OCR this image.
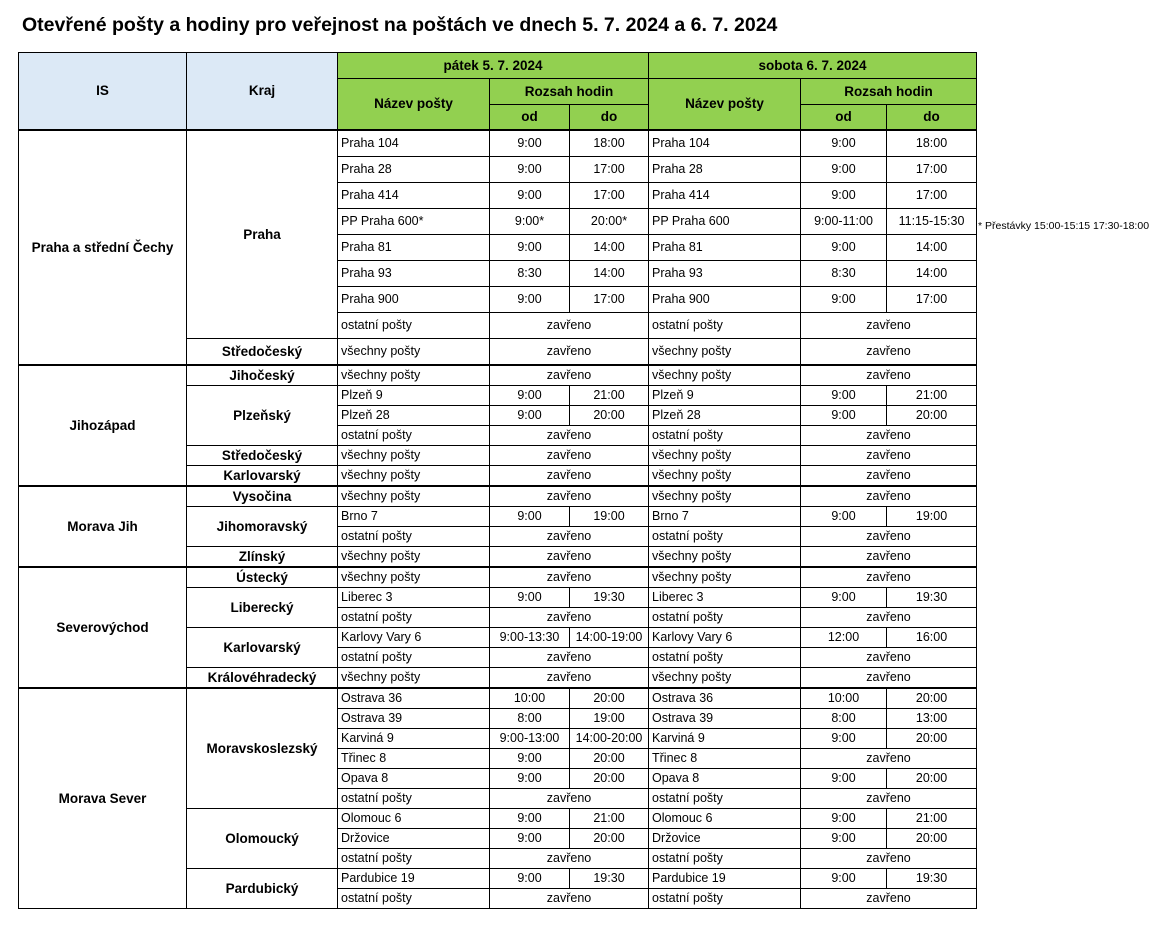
Otevřené pošty a hodiny pro veřejnost na poštách ve dnech 5. 7. 2024 a 6. 7. 2024
IS	Kraj	pátek 5. 7. 2024			sobota 6. 7. 2024		
		Název pošty	Rozsah hodin		Název pošty	Rozsah hodin	
			od	do		od	do
Praha a střední Čechy	Praha	Praha 104	9:00	18:00	Praha 104	9:00	18:00
		Praha 28	9:00	17:00	Praha 28	9:00	17:00
		Praha 414	9:00	17:00	Praha 414	9:00	17:00
		PP Praha 600*	9:00*	20:00*	PP Praha 600	9:00-11:00	11:15-15:30
		Praha 81	9:00	14:00	Praha 81	9:00	14:00
		Praha 93	8:30	14:00	Praha 93	8:30	14:00
		Praha 900	9:00	17:00	Praha 900	9:00	17:00
		ostatní pošty	zavřeno		ostatní pošty	zavřeno	
	Středočeský	všechny pošty	zavřeno		všechny pošty	zavřeno	
Jihozápad	Jihočeský	všechny pošty	zavřeno		všechny pošty	zavřeno	
	Plzeňský	Plzeň 9	9:00	21:00	Plzeň 9	9:00	21:00
		Plzeň 28	9:00	20:00	Plzeň 28	9:00	20:00
		ostatní pošty	zavřeno		ostatní pošty	zavřeno	
	Středočeský	všechny pošty	zavřeno		všechny pošty	zavřeno	
	Karlovarský	všechny pošty	zavřeno		všechny pošty	zavřeno	
Morava Jih	Vysočina	všechny pošty	zavřeno		všechny pošty	zavřeno	
	Jihomoravský	Brno 7	9:00	19:00	Brno 7	9:00	19:00
		ostatní pošty	zavřeno		ostatní pošty	zavřeno	
	Zlínský	všechny pošty	zavřeno		všechny pošty	zavřeno	
Severovýchod	Ústecký	všechny pošty	zavřeno		všechny pošty	zavřeno	
	Liberecký	Liberec 3	9:00	19:30	Liberec 3	9:00	19:30
		ostatní pošty	zavřeno		ostatní pošty	zavřeno	
	Karlovarský	Karlovy Vary 6	9:00-13:30	14:00-19:00	Karlovy Vary 6	12:00	16:00
		ostatní pošty	zavřeno		ostatní pošty	zavřeno	
	Královéhradecký	všechny pošty	zavřeno		všechny pošty	zavřeno	
Morava Sever	Moravskoslezský	Ostrava 36	10:00	20:00	Ostrava 36	10:00	20:00
		Ostrava 39	8:00	19:00	Ostrava 39	8:00	13:00
		Karviná 9	9:00-13:00	14:00-20:00	Karviná 9	9:00	20:00
		Třinec 8	9:00	20:00	Třinec 8	zavřeno	
		Opava 8	9:00	20:00	Opava 8	9:00	20:00
		ostatní pošty	zavřeno		ostatní pošty	zavřeno	
	Olomoucký	Olomouc 6	9:00	21:00	Olomouc 6	9:00	21:00
		Držovice	9:00	20:00	Držovice	9:00	20:00
		ostatní pošty	zavřeno		ostatní pošty	zavřeno	
	Pardubický	Pardubice 19	9:00	19:30	Pardubice 19	9:00	19:30
		ostatní pošty	zavřeno		ostatní pošty	zavřeno	
* Přestávky 15:00-15:15 17:30-18:00
